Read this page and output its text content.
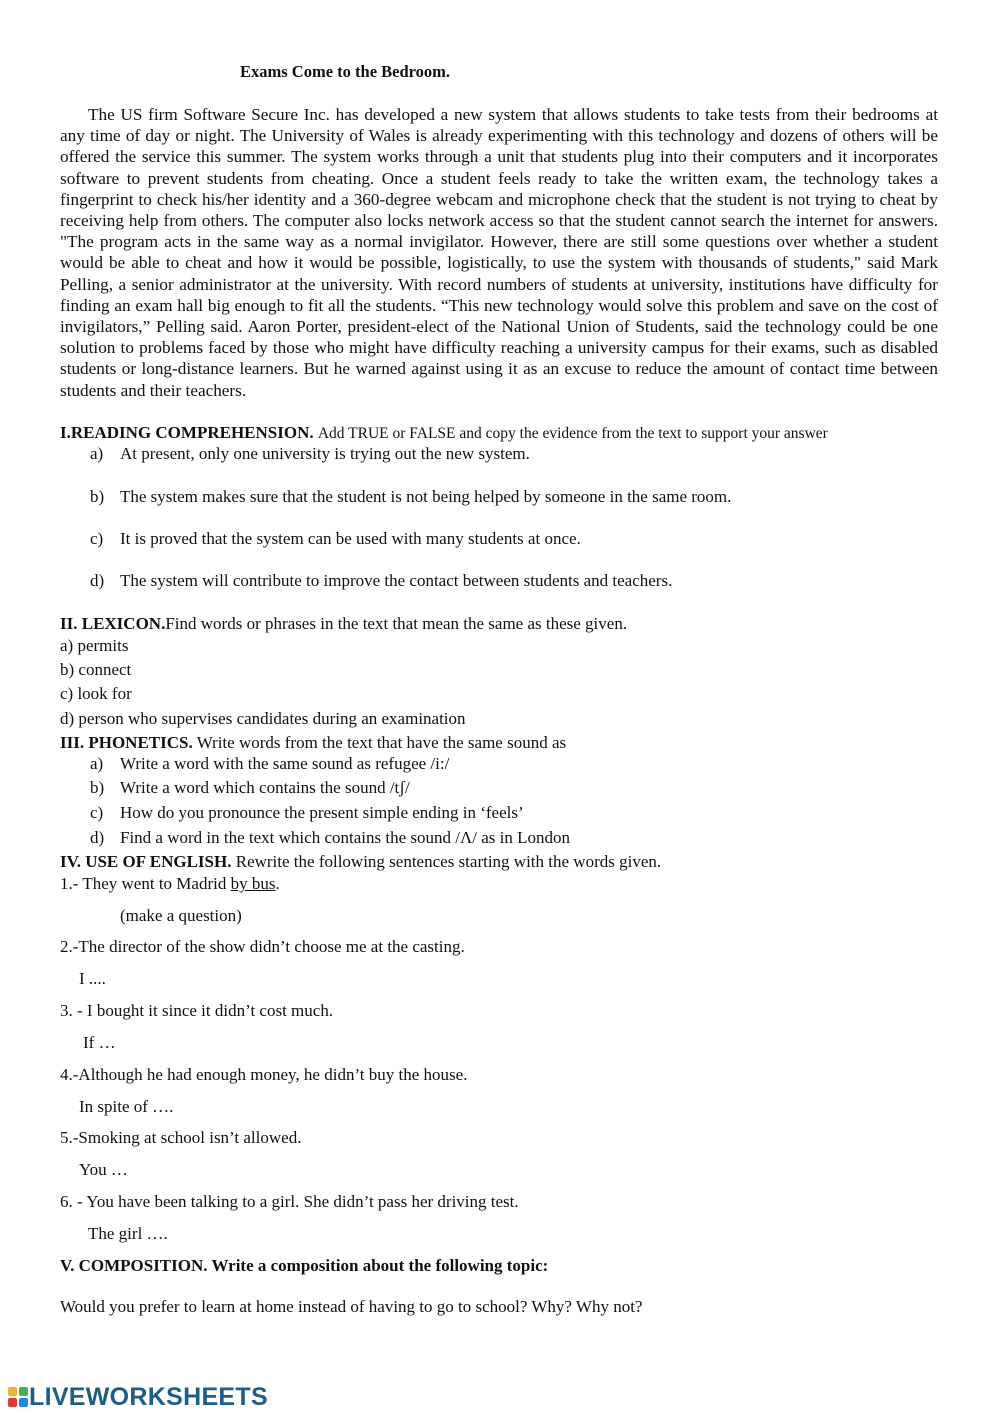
Exams Come to the Bedroom.
The US firm Software Secure Inc. has developed a new system that allows students to take tests from their bedrooms at any time of day or night. The University of Wales is already experimenting with this technology and dozens of others will be offered the service this summer. The system works through a unit that students plug into their computers and it incorporates software to prevent students from cheating. Once a student feels ready to take the written exam, the technology takes a fingerprint to check his/her identity and a 360-degree webcam and microphone check that the student is not trying to cheat by receiving help from others. The computer also locks network access so that the student cannot search the internet for answers. "The program acts in the same way as a normal invigilator. However, there are still some questions over whether a student would be able to cheat and how it would be possible, logistically, to use the system with thousands of students," said Mark Pelling, a senior administrator at the university. With record numbers of students at university, institutions have difficulty for finding an exam hall big enough to fit all the students. “This new technology would solve this problem and save on the cost of invigilators,” Pelling said. Aaron Porter, president-elect of the National Union of Students, said the technology could be one solution to problems faced by those who might have difficulty reaching a university campus for their exams, such as disabled students or long-distance learners. But he warned against using it as an excuse to reduce the amount of contact time between students and their teachers.
I.READING COMPREHENSION. Add TRUE or FALSE and copy the evidence from the text to support your answer
a) At present, only one university is trying out the new system.
b) The system makes sure that the student is not being helped by someone in the same room.
c) It is proved that the system can be used with many students at once.
d) The system will contribute to improve the contact between students and teachers.
II. LEXICON.Find words or phrases in the text that mean the same as these given.
a) permits
b) connect
c) look for
d) person who supervises candidates during an examination
III. PHONETICS. Write words from the text that have the same sound as
a) Write a word with the same sound as refugee /i:/
b) Write a word which contains the sound /tʃ/
c) How do you pronounce the present simple ending in ‘feels’
d) Find a word in the text which contains the sound /Λ/ as in London
IV. USE OF ENGLISH. Rewrite the following sentences starting with the words given.
1.- They went to Madrid by bus.
(make a question)
2.-The director of the show didn’t choose me at the casting.
I ....
3. - I bought it since it didn’t cost much.
If …
4.-Although he had enough money, he didn’t buy the house.
In spite of ….
5.-Smoking at school isn’t allowed.
You …
6. - You have been talking to a girl. She didn’t pass her driving test.
The girl ….
V. COMPOSITION. Write a composition about the following topic:
Would you prefer to learn at home instead of having to go to school? Why? Why not?
LIVEWORKSHEETS
